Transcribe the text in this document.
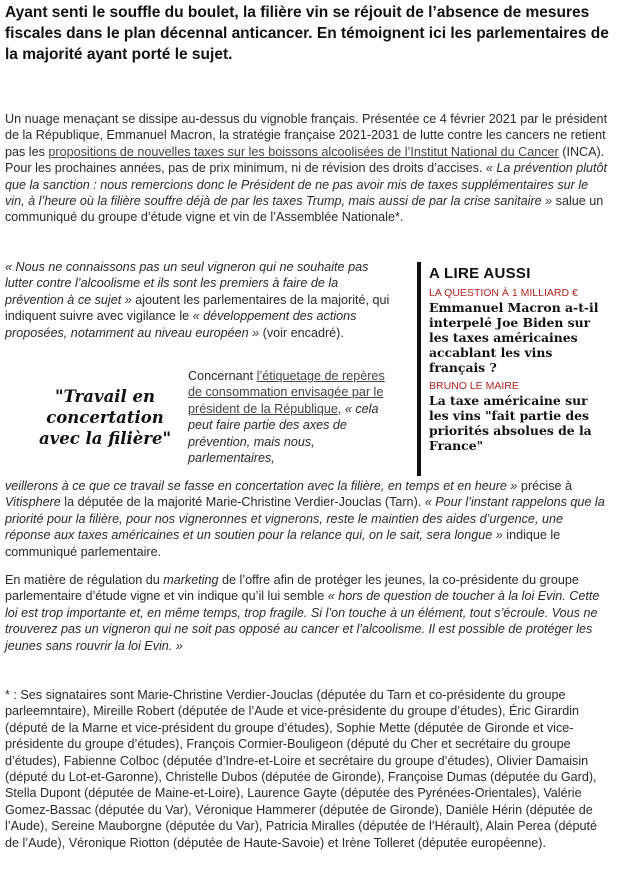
Ayant senti le souffle du boulet, la filière vin se réjouit de l’absence de mesures fiscales dans le plan décennal anticancer. En témoignent ici les parlementaires de la majorité ayant porté le sujet.

Un nuage menaçant se dissipe au-dessus du vignoble français. Présentée ce 4 février 2021 par le président de la République, Emmanuel Macron, la stratégie française 2021-2031 de lutte contre les cancers ne retient pas les propositions de nouvelles taxes sur les boissons alcoolisées de l’Institut National du Cancer (INCA). Pour les prochaines années, pas de prix minimum, ni de révision des droits d’accises. « La prévention plutôt que la sanction : nous remercions donc le Président de ne pas avoir mis de taxes supplémentaires sur le vin, à l’heure où la filière souffre déjà de par les taxes Trump, mais aussi de par la crise sanitaire » salue un communiqué du groupe d’étude vigne et vin de l’Assemblée Nationale*.

« Nous ne connaissons pas un seul vigneron qui ne souhaite pas lutter contre l’alcoolisme et ils sont les premiers à faire de la prévention à ce sujet » ajoutent les parlementaires de la majorité, qui indiquent suivre avec vigilance le « développement des actions proposées, notamment au niveau européen » (voir encadré).

A LIRE AUSSI
LA QUESTION À 1 MILLIARD €
Emmanuel Macron a-t-il interpelé Joe Biden sur les taxes américaines accablant les vins français ?
BRUNO LE MAIRE
La taxe américaine sur les vins "fait partie des priorités absolues de la France"
"Travail en concertation avec la filière"

Concernant l’étiquetage de repères de consommation envisagée par le président de la République, « cela peut faire partie des axes de prévention, mais nous, parlementaires,

veillerons à ce que ce travail se fasse en concertation avec la filière, en temps et en heure » précise à Vitisphere la députée de la majorité Marie-Christine Verdier-Jouclas (Tarn). « Pour l’instant rappelons que la priorité pour la filière, pour nos vigneronnes et vignerons, reste le maintien des aides d’urgence, une réponse aux taxes américaines et un soutien pour la relance qui, on le sait, sera longue » indique le communiqué parlementaire.

En matière de régulation du marketing de l’offre afin de protéger les jeunes, la co-présidente du groupe parlementaire d’étude vigne et vin indique qu’il lui semble « hors de question de toucher à la loi Evin. Cette loi est trop importante et, en même temps, trop fragile. Si l’on touche à un élément, tout s’écroule. Vous ne trouverez pas un vigneron qui ne soit pas opposé au cancer et l’alcoolisme. Il est possible de protéger les jeunes sans rouvrir la loi Evin. »

* : Ses signataires sont Marie-Christine Verdier-Jouclas (députée du Tarn et co-présidente du groupe parleemntaire), Mireille Robert (députée de l’Aude et vice-présidente du groupe d’études), Éric Girardin (député de la Marne et vice-président du groupe d’études), Sophie Mette (députée de Gironde et vice-présidente du groupe d’études), François Cormier-Bouligeon (député du Cher et secrétaire du groupe d’études), Fabienne Colboc (députée d’Indre-et-Loire et secrétaire du groupe d’études), Olivier Damaisin (député du Lot-et-Garonne), Christelle Dubos (députée de Gironde), Françoise Dumas (députée du Gard), Stella Dupont (députée de Maine-et-Loire), Laurence Gayte (députée des Pyrénées-Orientales), Valérie Gomez-Bassac (députée du Var), Véronique Hammerer (députée de Gironde), Danièle Hérin (députée de l’Aude), Sereine Mauborgne (députée du Var), Patricia Miralles (députée de l’Hérault), Alain Perea (député de l’Aude), Véronique Riotton (députée de Haute-Savoie) et Irène Tolleret (députée européenne).
